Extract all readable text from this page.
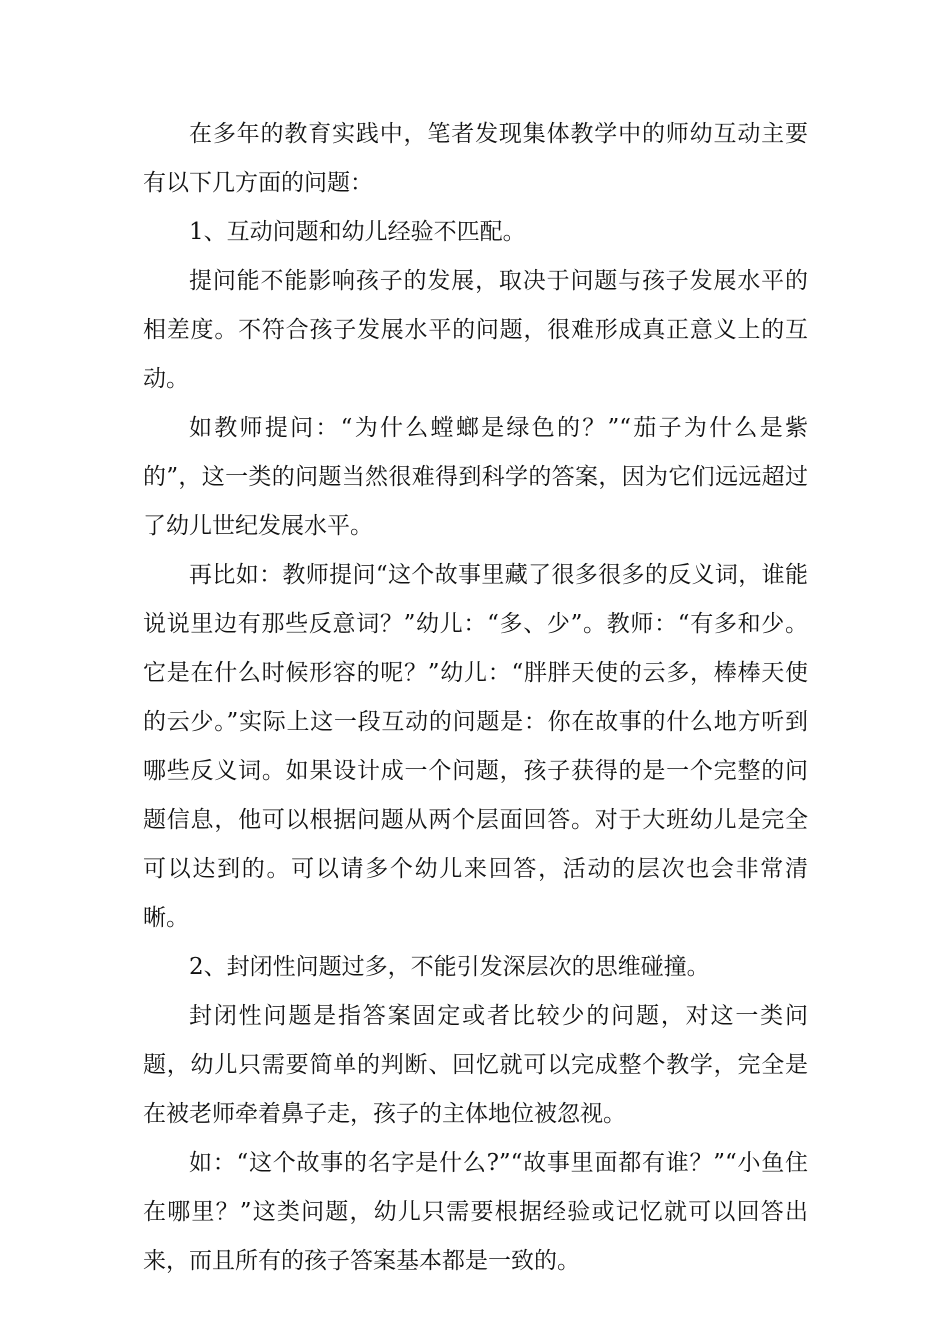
在多年的教育实践中，笔者发现集体教学中的师幼互动主要有以下几方面的问题：

1、互动问题和幼儿经验不匹配。

提问能不能影响孩子的发展，取决于问题与孩子发展水平的相差度。不符合孩子发展水平的问题，很难形成真正意义上的互动。

如教师提问：“为什么螳螂是绿色的？”“茄子为什么是紫的”，这一类的问题当然很难得到科学的答案，因为它们远远超过了幼儿世纪发展水平。

再比如：教师提问“这个故事里藏了很多很多的反义词，谁能说说里边有那些反意词？”幼儿：“多、少”。教师：“有多和少。它是在什么时候形容的呢？”幼儿：“胖胖天使的云多，棒棒天使的云少。”实际上这一段互动的问题是：你在故事的什么地方听到哪些反义词。如果设计成一个问题，孩子获得的是一个完整的问题信息，他可以根据问题从两个层面回答。对于大班幼儿是完全可以达到的。可以请多个幼儿来回答，活动的层次也会非常清晰。

2、封闭性问题过多，不能引发深层次的思维碰撞。

封闭性问题是指答案固定或者比较少的问题，对这一类问题，幼儿只需要简单的判断、回忆就可以完成整个教学，完全是在被老师牵着鼻子走，孩子的主体地位被忽视。

如：“这个故事的名字是什么?”“故事里面都有谁？”“小鱼住在哪里？”这类问题，幼儿只需要根据经验或记忆就可以回答出来，而且所有的孩子答案基本都是一致的。
